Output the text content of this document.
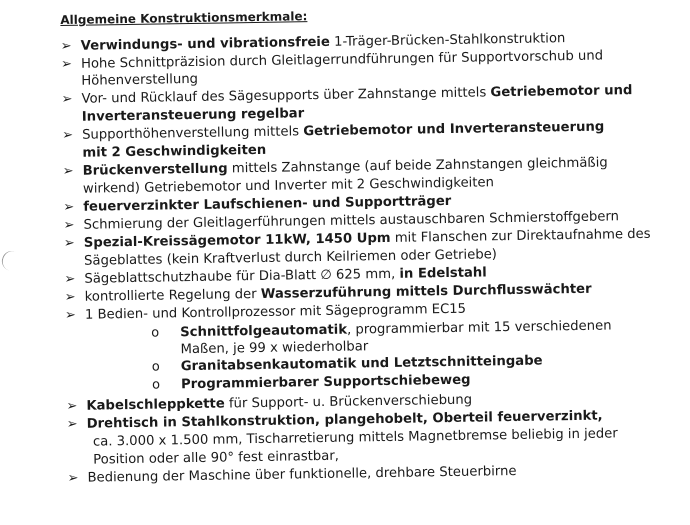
Allgemeine Konstruktionsmerkmale:
➢ Verwindungs- und vibrationsfreie 1-Träger-Brücken-Stahlkonstruktion
➢ Hohe Schnittpräzision durch Gleitlagerrundführungen für Supportvorschub und
Höhenverstellung
➢ Vor- und Rücklauf des Sägesupports über Zahnstange mittels Getriebemotor und
Inverteransteuerung regelbar
➢ Supporthöhenverstellung mittels Getriebemotor und Inverteransteuerung
mit 2 Geschwindigkeiten
➢ Brückenverstellung mittels Zahnstange (auf beide Zahnstangen gleichmäßig
wirkend) Getriebemotor und Inverter mit 2 Geschwindigkeiten
➢ feuerverzinkter Laufschienen- und Supportträger
➢ Schmierung der Gleitlagerführungen mittels austauschbaren Schmierstoffgebern
➢ Spezial-Kreissägemotor 11kW, 1450 Upm mit Flanschen zur Direktaufnahme des
Sägeblattes (kein Kraftverlust durch Keilriemen oder Getriebe)
➢ Sägeblattschutzhaube für Dia-Blatt ∅ 625 mm, in Edelstahl
➢ kontrollierte Regelung der Wasserzuführung mittels Durchflusswächter
➢ 1 Bedien- und Kontrollprozessor mit Sägeprogramm EC15
o Schnittfolgeautomatik, programmierbar mit 15 verschiedenen
Maßen, je 99 x wiederholbar
o Granitabsenkautomatik und Letztschnitteingabe
o Programmierbarer Supportschiebeweg
➢ Kabelschleppkette für Support- u. Brückenverschiebung
➢ Drehtisch in Stahlkonstruktion, plangehobelt, Oberteil feuerverzinkt,
ca. 3.000 x 1.500 mm, Tischarretierung mittels Magnetbremse beliebig in jeder
Position oder alle 90° fest einrastbar,
➢ Bedienung der Maschine über funktionelle, drehbare Steuerbirne
